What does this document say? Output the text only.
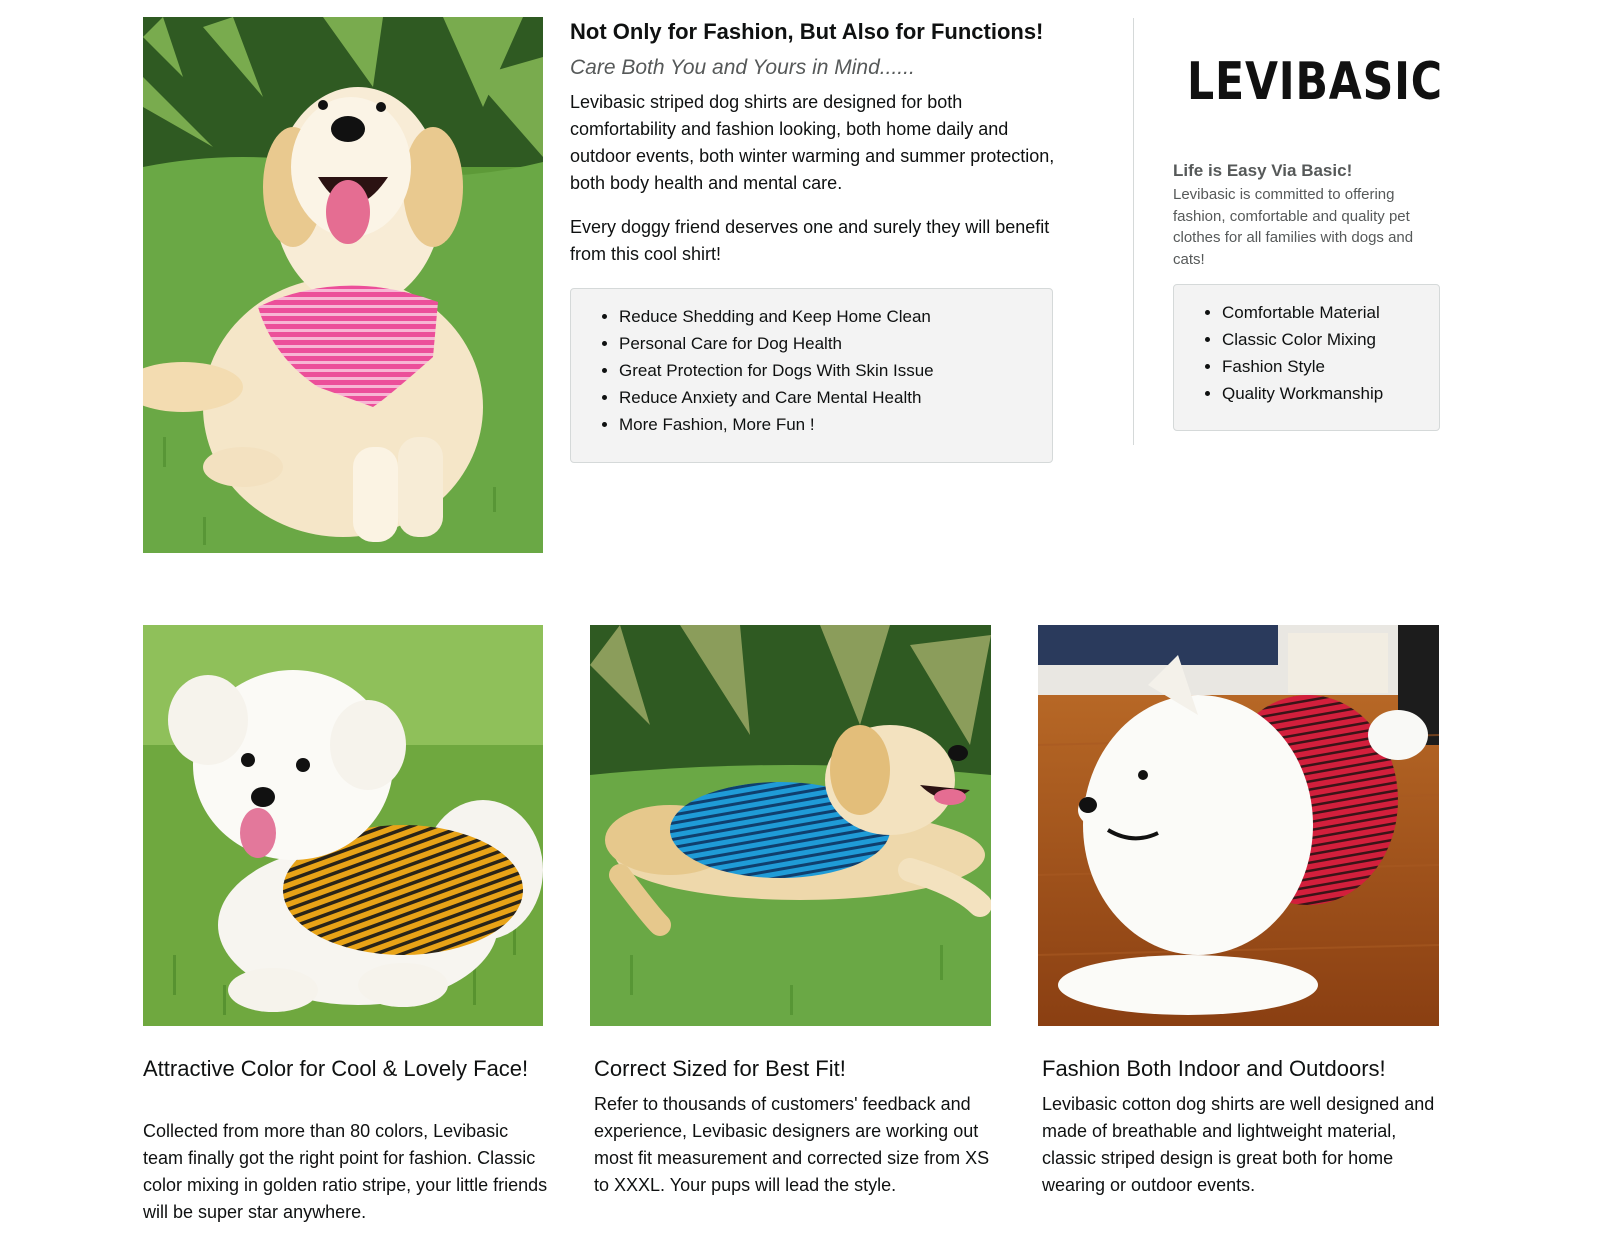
Not Only for Fashion, But Also for Functions!
Care Both You and Yours in Mind......
Levibasic striped dog shirts are designed for both comfortability and fashion looking, both home daily and outdoor events, both winter warming and summer protection, both body health and mental care.
Every doggy friend deserves one and surely they will benefit from this cool shirt!
• Reduce Shedding and Keep Home Clean
• Personal Care for Dog Health
• Great Protection for Dogs With Skin Issue
• Reduce Anxiety and Care Mental Health
• More Fashion, More Fun !
LEVIBASIC
Life is Easy Via Basic!
Levibasic is committed to offering fashion, comfortable and quality pet clothes for all families with dogs and cats!
• Comfortable Material
• Classic Color Mixing
• Fashion Style
• Quality Workmanship
Attractive Color for Cool & Lovely Face!
Collected from more than 80 colors, Levibasic team finally got the right point for fashion. Classic color mixing in golden ratio stripe, your little friends will be super star anywhere.
Correct Sized for Best Fit!
Refer to thousands of customers' feedback and experience, Levibasic designers are working out most fit measurement and corrected size from XS to XXXL. Your pups will lead the style.
Fashion Both Indoor and Outdoors!
Levibasic cotton dog shirts are well designed and made of breathable and lightweight material, classic striped design is great both for home wearing or outdoor events.
